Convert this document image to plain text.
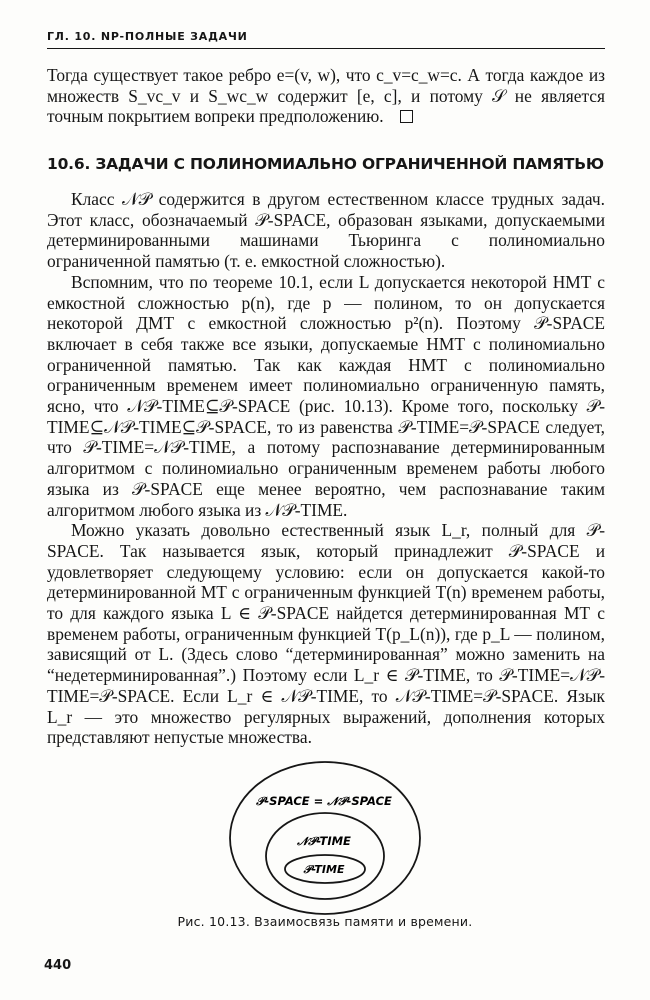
ГЛ. 10. NP-ПОЛНЫЕ ЗАДАЧИ

Тогда существует такое ребро e=(v, w), что c_v=c_w=c. А тогда каждое из множеств S_vc_v и S_wc_w содержит [e, c], и потому 𝒮 не является точным покрытием вопреки предположению.

10.6. ЗАДАЧИ С ПОЛИНОМИАЛЬНО ОГРАНИЧЕННОЙ ПАМЯТЬЮ

Класс 𝒩𝒫 содержится в другом естественном классе трудных задач. Этот класс, обозначаемый 𝒫-SPACE, образован языками, допускаемыми детерминированными машинами Тьюринга с полиномиально ограниченной памятью (т. е. емкостной сложностью).

Вспомним, что по теореме 10.1, если L допускается некоторой НМТ с емкостной сложностью p(n), где p — полином, то он допускается некоторой ДМТ с емкостной сложностью p²(n). Поэтому 𝒫-SPACE включает в себя также все языки, допускаемые НМТ с полиномиально ограниченной памятью. Так как каждая НМТ с полиномиально ограниченным временем имеет полиномиально ограниченную память, ясно, что 𝒩𝒫-TIME⊆𝒫-SPACE (рис. 10.13). Кроме того, поскольку 𝒫-TIME⊆𝒩𝒫-TIME⊆𝒫-SPACE, то из равенства 𝒫-TIME=𝒫-SPACE следует, что 𝒫-TIME=𝒩𝒫-TIME, а потому распознавание детерминированным алгоритмом с полиномиально ограниченным временем работы любого языка из 𝒫-SPACE еще менее вероятно, чем распознавание таким алгоритмом любого языка из 𝒩𝒫-TIME.

Можно указать довольно естественный язык L_r, полный для 𝒫-SPACE. Так называется язык, который принадлежит 𝒫-SPACE и удовлетворяет следующему условию: если он допускается какой-то детерминированной МТ с ограниченным функцией T(n) временем работы, то для каждого языка L ∈ 𝒫-SPACE найдется детерминированная МТ с временем работы, ограниченным функцией T(p_L(n)), где p_L — полином, зависящий от L. (Здесь слово “детерминированная” можно заменить на “недетерминированная”.) Поэтому если L_r ∈ 𝒫-TIME, то 𝒫-TIME=𝒩𝒫-TIME=𝒫-SPACE. Если L_r ∈ 𝒩𝒫-TIME, то 𝒩𝒫-TIME=𝒫-SPACE. Язык L_r — это множество регулярных выражений, дополнения которых представляют непустые множества.

𝒫-SPACE = 𝒩𝒫-SPACE
𝒩𝒫-TIME
𝒫-TIME
Рис. 10.13. Взаимосвязь памяти и времени.
440
